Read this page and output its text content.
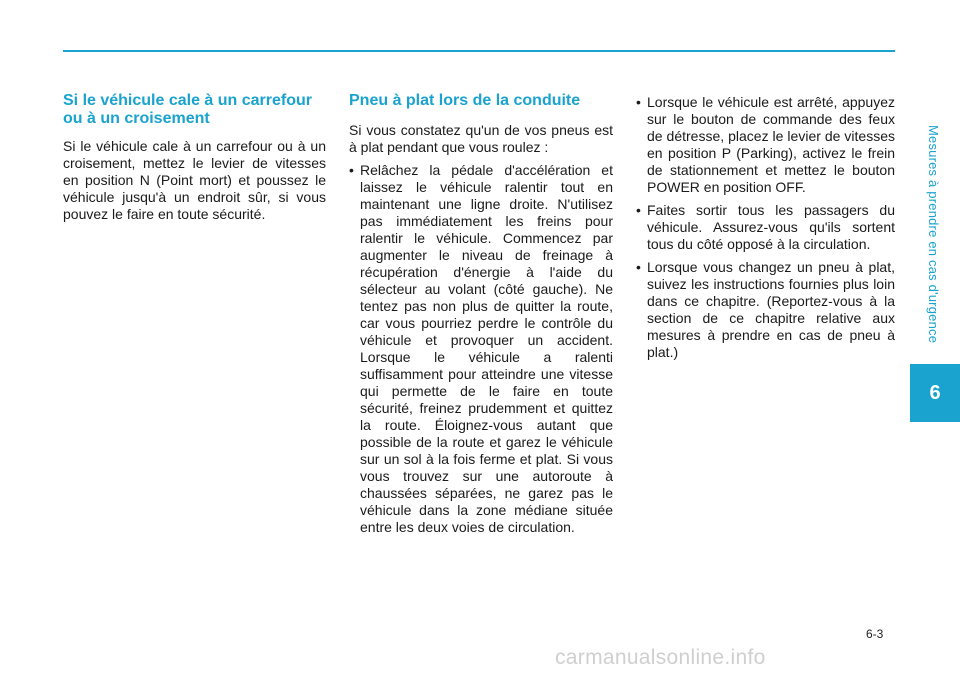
Si le véhicule cale à un carrefour ou à un croisement

Si le véhicule cale à un carrefour ou à un croisement, mettez le levier de vitesses en position N (Point mort) et poussez le véhicule jusqu'à un endroit sûr, si vous pouvez le faire en toute sécurité.

Pneu à plat lors de la conduite

Si vous constatez qu'un de vos pneus est à plat pendant que vous roulez :

• Relâchez la pédale d'accélération et laissez le véhicule ralentir tout en maintenant une ligne droite. N'utilisez pas immédiatement les freins pour ralentir le véhicule. Commencez par augmenter le niveau de freinage à récupération d'énergie à l'aide du sélecteur au volant (côté gauche). Ne tentez pas non plus de quitter la route, car vous pourriez perdre le contrôle du véhicule et provoquer un accident. Lorsque le véhicule a ralenti suffisamment pour atteindre une vitesse qui permette de le faire en toute sécurité, freinez prudemment et quittez la route. Éloignez-vous autant que possible de la route et garez le véhicule sur un sol à la fois ferme et plat. Si vous vous trouvez sur une autoroute à chaussées séparées, ne garez pas le véhicule dans la zone médiane située entre les deux voies de circulation.
• Lorsque le véhicule est arrêté, appuyez sur le bouton de commande des feux de détresse, placez le levier de vitesses en position P (Parking), activez le frein de stationnement et mettez le bouton POWER en position OFF.
• Faites sortir tous les passagers du véhicule. Assurez-vous qu'ils sortent tous du côté opposé à la circulation.
• Lorsque vous changez un pneu à plat, suivez les instructions fournies plus loin dans ce chapitre. (Reportez-vous à la section de ce chapitre relative aux mesures à prendre en cas de pneu à plat.)
Mesures à prendre en cas d'urgence
6
6-3
carmanualsonline.info
